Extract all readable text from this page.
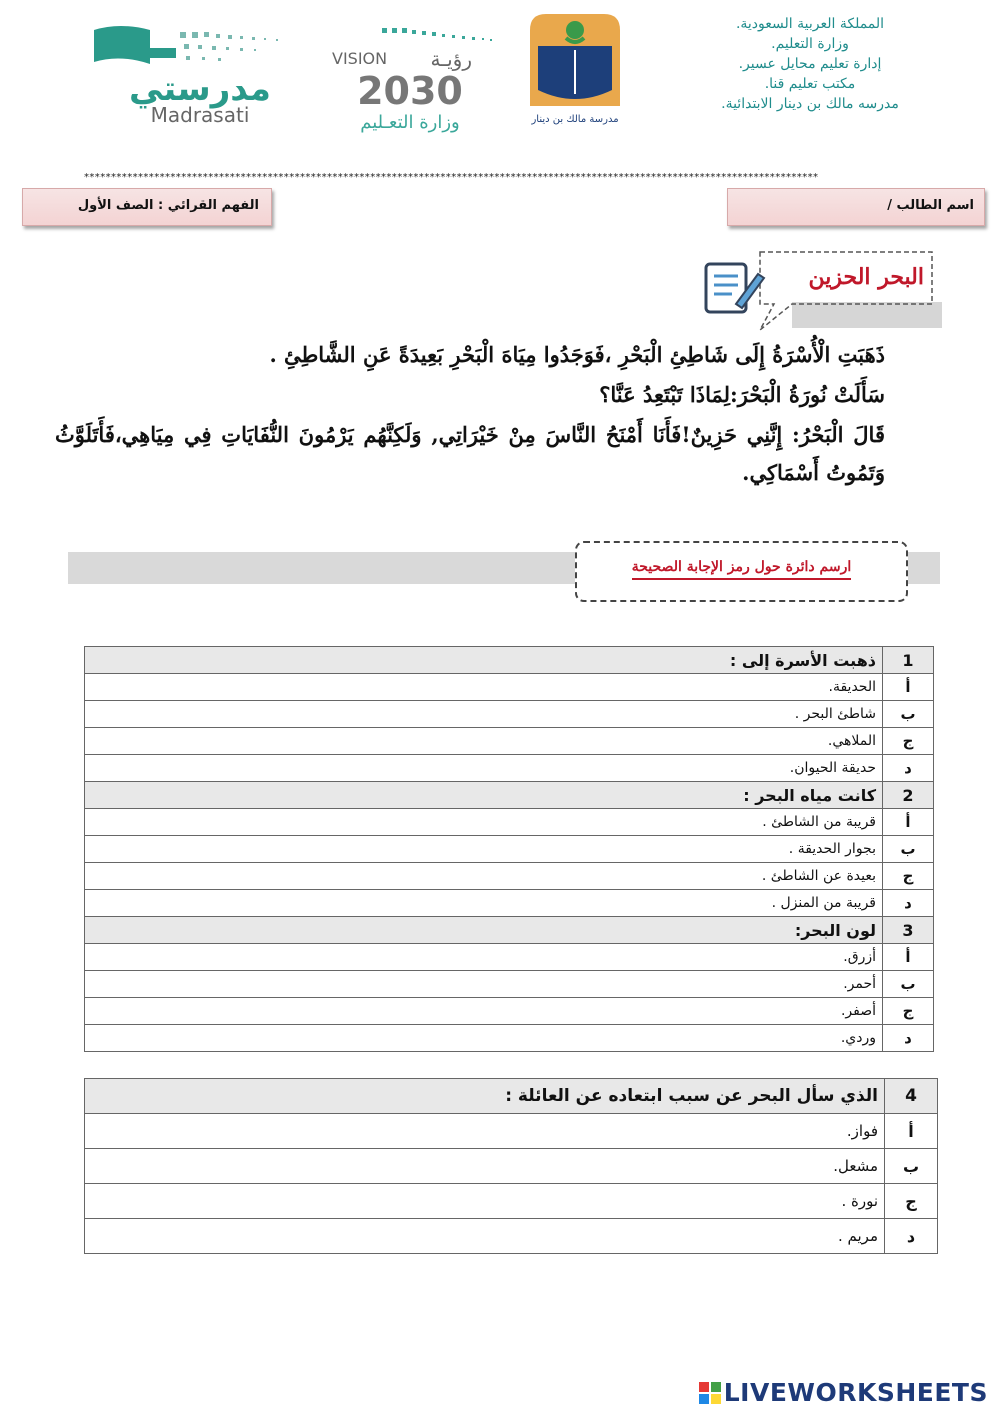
المملكة العربية السعودية.
وزارة التعليم.
إدارة تعليم محايل عسير.
مكتب تعليم قنا.
مدرسه مالك بن دينار الابتدائية.
مدرستي
Madrasati
VISION رؤيـة
2030
وزارة التعـليم	مدرسة مالك بن دينار
****************************************************************************************************************************************
اسم الطالب /
الفهم القرائي : الصف الأول
البحر الحزين

ذَهَبَتِ الْأُسْرَةُ إِلَى شَاطِئِ الْبَحْرِ ،فَوَجَدُوا مِيَاهَ الْبَحْرِ بَعِيدَةً عَنِ الشَّاطِئِ .

سَأَلَتْ نُورَةُ الْبَحْرَ:لِمَاذَا تَبْتَعِدُ عَنَّا؟

قَالَ الْبَحْرُ: إِنَّنِي حَزِينٌ!فَأَنَا أَمْنَحُ النَّاسَ مِنْ خَيْرَاتِي, وَلَكِنَّهُم يَرْمُونَ النُّفَايَاتِ فِي مِيَاهِي،فَأَتَلَوَّثُ وَتَمُوتُ أَسْمَاكِي.

ارسم دائرة حول رمز الإجابة الصحيحة
1	ذهبت الأسرة إلى :
أ	الحديقة.
ب	شاطئ البحر .
ج	الملاهي.
د	حديقة الحيوان.
2	كانت مياه البحر :
أ	قريبة من الشاطئ .
ب	بجوار الحديقة .
ج	بعيدة عن الشاطئ .
د	قريبة من المنزل .
3	لون البحر:
أ	أزرق.
ب	أحمر.
ج	أصفر.
د	وردي.
4	الذي سأل البحر عن سبب ابتعاده عن العائلة :
أ	فواز.
ب	مشعل.
ج	نورة .
د	مريم .
LIVEWORKSHEETS
